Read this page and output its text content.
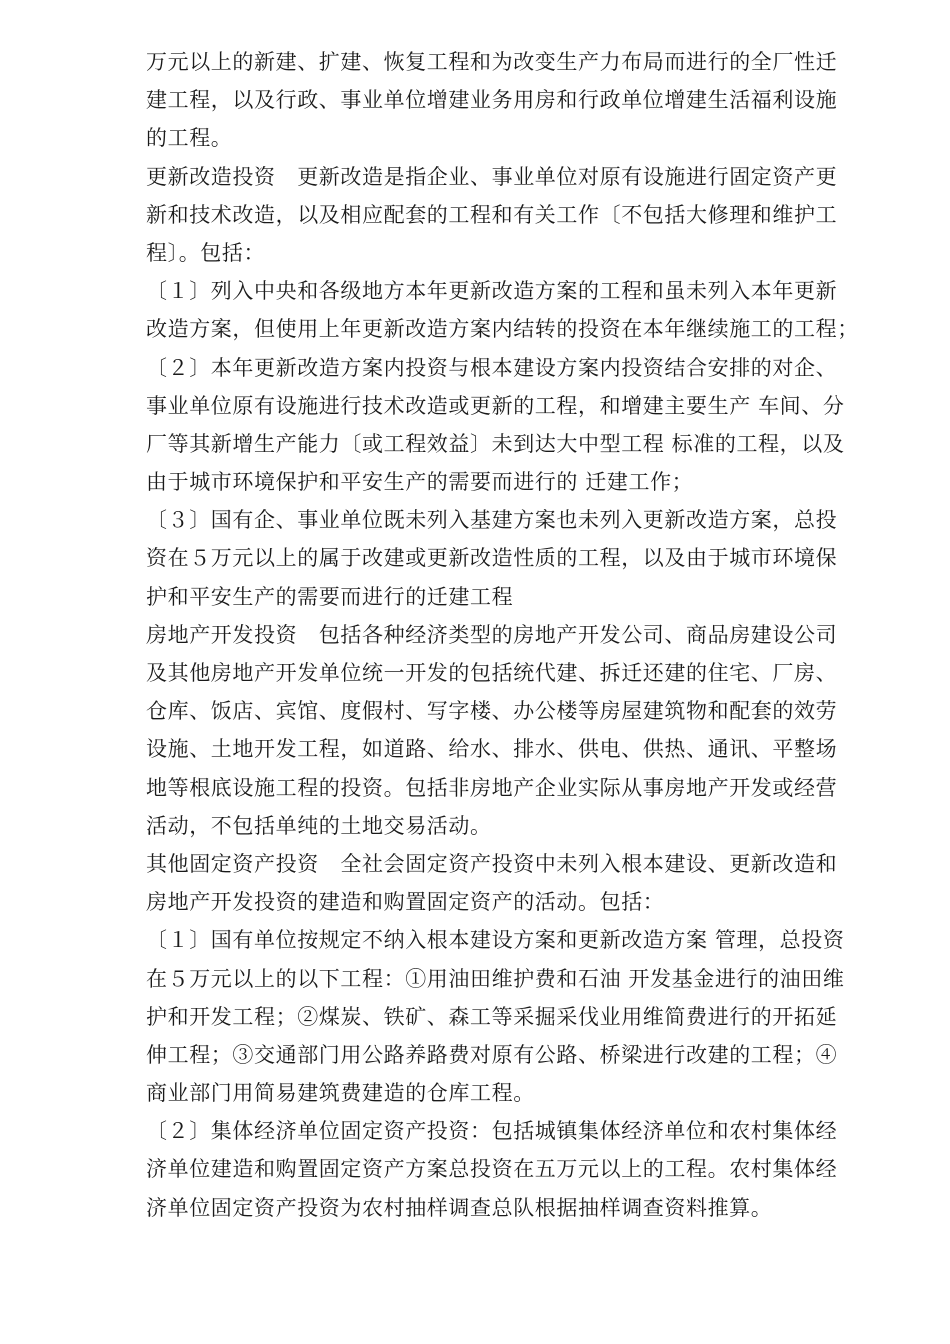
万元以上的新建、扩建、恢复工程和为改变生产力布局而进行的全厂性迁
建工程，以及行政、事业单位增建业务用房和行政单位增建生活福利设施
的工程。
更新改造投资　更新改造是指企业、事业单位对原有设施进行固定资产更
新和技术改造，以及相应配套的工程和有关工作〔不包括大修理和维护工
程〕。包括：
〔１〕列入中央和各级地方本年更新改造方案的工程和虽未列入本年更新
改造方案，但使用上年更新改造方案内结转的投资在本年继续施工的工程；
〔２〕本年更新改造方案内投资与根本建设方案内投资结合安排的对企、
事业单位原有设施进行技术改造或更新的工程，和增建主要生产 车间、分
厂等其新增生产能力〔或工程效益〕未到达大中型工程 标准的工程，以及
由于城市环境保护和平安生产的需要而进行的 迁建工作；
〔３〕国有企、事业单位既未列入基建方案也未列入更新改造方案，总投
资在５万元以上的属于改建或更新改造性质的工程，以及由于城市环境保
护和平安生产的需要而进行的迁建工程
房地产开发投资　包括各种经济类型的房地产开发公司、商品房建设公司
及其他房地产开发单位统一开发的包括统代建、拆迁还建的住宅、厂房、
仓库、饭店、宾馆、度假村、写字楼、办公楼等房屋建筑物和配套的效劳
设施、土地开发工程，如道路、给水、排水、供电、供热、通讯、平整场
地等根底设施工程的投资。包括非房地产企业实际从事房地产开发或经营
活动，不包括单纯的土地交易活动。
其他固定资产投资　全社会固定资产投资中未列入根本建设、更新改造和
房地产开发投资的建造和购置固定资产的活动。包括：
〔１〕国有单位按规定不纳入根本建设方案和更新改造方案 管理，总投资
在５万元以上的以下工程：①用油田维护费和石油 开发基金进行的油田维
护和开发工程；②煤炭、铁矿、森工等采掘采伐业用维简费进行的开拓延
伸工程；③交通部门用公路养路费对原有公路、桥梁进行改建的工程；④
商业部门用简易建筑费建造的仓库工程。
〔２〕集体经济单位固定资产投资：包括城镇集体经济单位和农村集体经
济单位建造和购置固定资产方案总投资在五万元以上的工程。农村集体经
济单位固定资产投资为农村抽样调查总队根据抽样调查资料推算。
